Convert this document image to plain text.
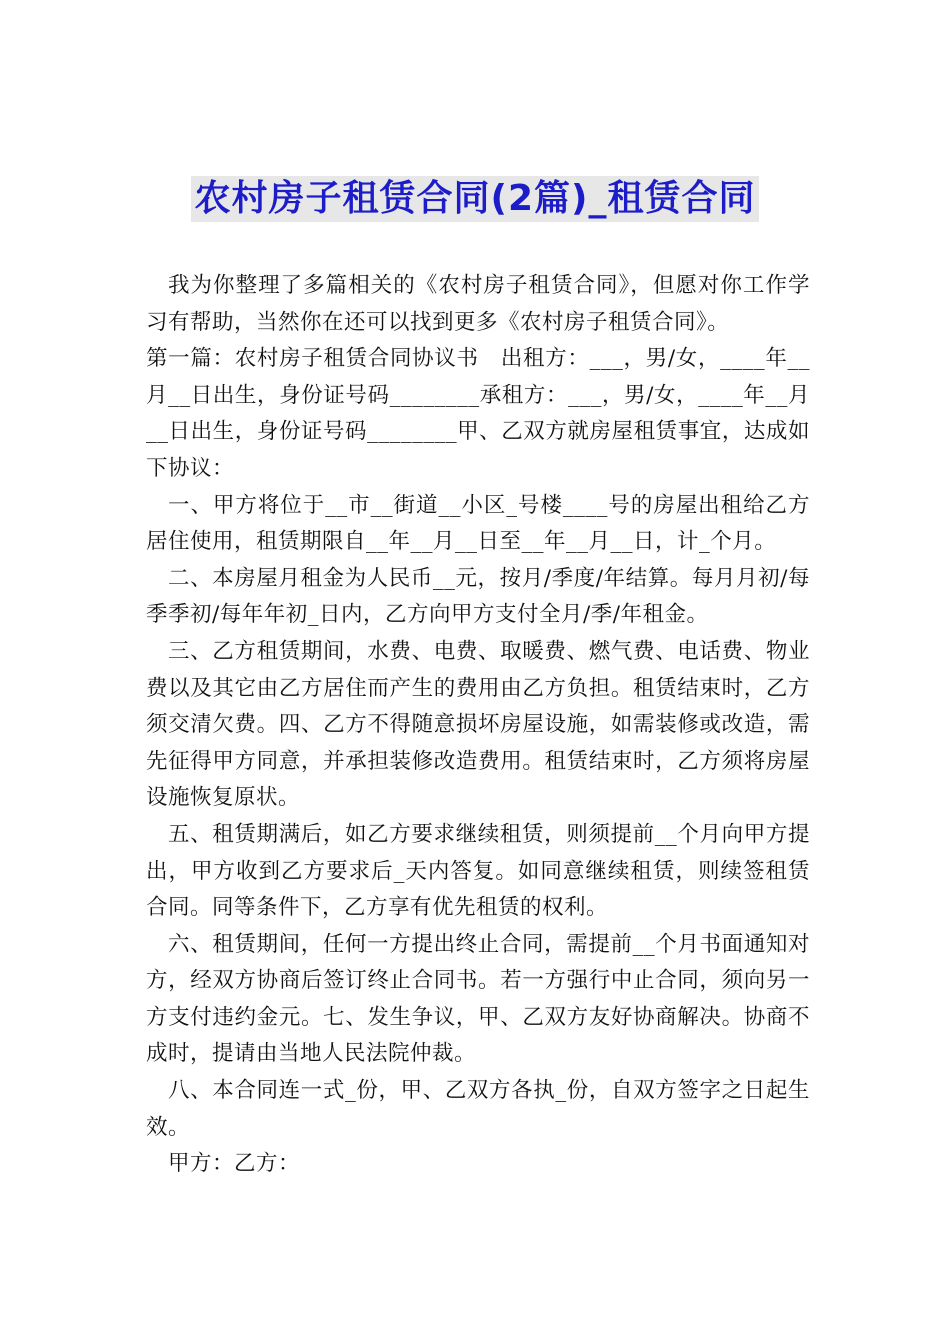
农村房子租赁合同(2篇)_租赁合同

我为你整理了多篇相关的《农村房子租赁合同》，但愿对你工作学习有帮助，当然你在还可以找到更多《农村房子租赁合同》。

第一篇：农村房子租赁合同协议书　出租方：___，男/女，____年__月__日出生，身份证号码________承租方：___，男/女，____年__月__日出生，身份证号码________甲、乙双方就房屋租赁事宜，达成如下协议：

一、甲方将位于__市__街道__小区_号楼____号的房屋出租给乙方居住使用，租赁期限自__年__月__日至__年__月__日，计_个月。

二、本房屋月租金为人民币__元，按月/季度/年结算。每月月初/每季季初/每年年初_日内，乙方向甲方支付全月/季/年租金。

三、乙方租赁期间，水费、电费、取暖费、燃气费、电话费、物业费以及其它由乙方居住而产生的费用由乙方负担。租赁结束时，乙方须交清欠费。四、乙方不得随意损坏房屋设施，如需装修或改造，需先征得甲方同意，并承担装修改造费用。租赁结束时，乙方须将房屋设施恢复原状。

五、租赁期满后，如乙方要求继续租赁，则须提前__个月向甲方提出，甲方收到乙方要求后_天内答复。如同意继续租赁，则续签租赁合同。同等条件下，乙方享有优先租赁的权利。

六、租赁期间，任何一方提出终止合同，需提前__个月书面通知对方，经双方协商后签订终止合同书。若一方强行中止合同，须向另一方支付违约金元。七、发生争议，甲、乙双方友好协商解决。协商不成时，提请由当地人民法院仲裁。

八、本合同连一式_份，甲、乙双方各执_份，自双方签字之日起生效。

甲方：乙方：
